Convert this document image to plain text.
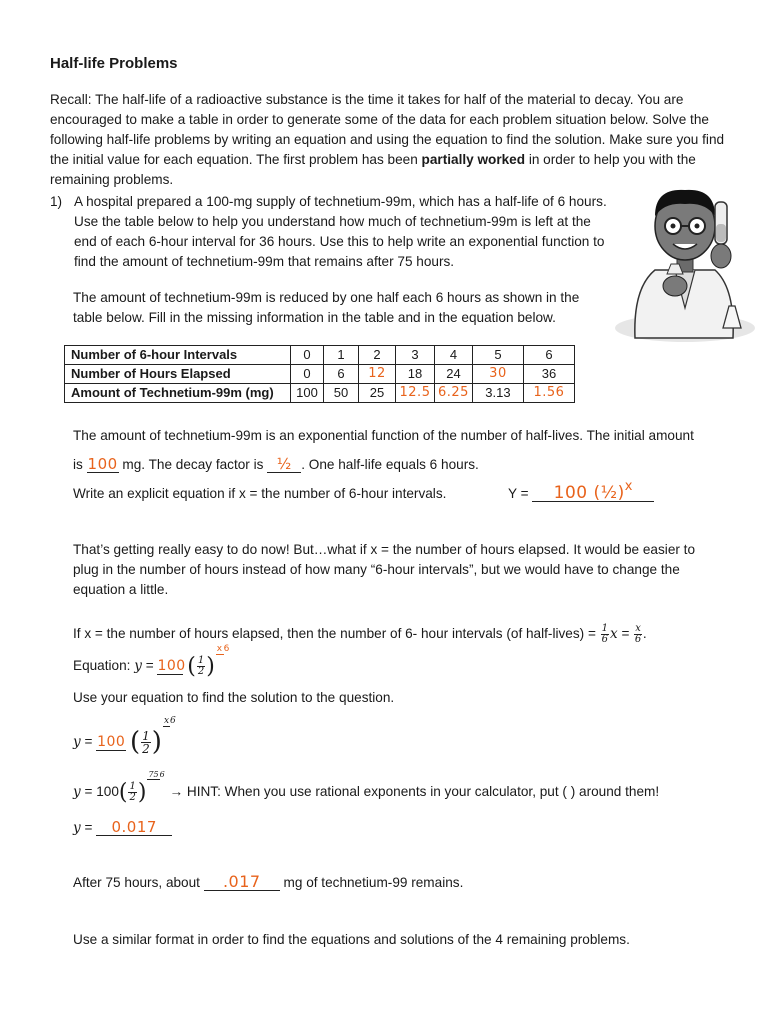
Half-life Problems
Recall: The half-life of a radioactive substance is the time it takes for half of the material to decay. You are encouraged to make a table in order to generate some of the data for each problem situation below. Solve the following half-life problems by writing an equation and using the equation to find the solution. Make sure you find the initial value for each equation. The first problem has been partially worked in order to help you with the remaining problems.
1) A hospital prepared a 100-mg supply of technetium-99m, which has a half-life of 6 hours. Use the table below to help you understand how much of technetium-99m is left at the end of each 6-hour interval for 36 hours. Use this to help write an exponential function to find the amount of technetium-99m that remains after 75 hours.
The amount of technetium-99m is reduced by one half each 6 hours as shown in the table below. Fill in the missing information in the table and in the equation below.
Number of 6-hour Intervals	0	1	2	3	4	5	6
Number of Hours Elapsed	0	6	12	18	24	30	36
Amount of Technetium-99m (mg)	100	50	25	12.5	6.25	3.13	1.56
The amount of technetium-99m is an exponential function of the number of half-lives. The initial amount
is 100 mg. The decay factor is ½ . One half-life equals 6 hours.
Write an explicit equation if x = the number of 6-hour intervals.	Y = 100 (½)x
That’s getting really easy to do now! But…what if x = the number of hours elapsed. It would be easier to plug in the number of hours instead of how many “6-hour intervals”, but we would have to change the equation a little.
If x = the number of hours elapsed, then the number of 6- hour intervals (of half-lives) = $\frac{1}{6}$ $x = \frac{x}{6}$ .
Equation: y = 100 ( $\frac{1}{2} )x6$
Use your equation to find the solution to the question.
y = 100 ( $\frac{1}{2} )x6$
$y = 100( \frac{1}{2} )756$ → HINT: When you use rational exponents in your calculator, put ( ) around them!
y = 0.017
After 75 hours, about .017 mg of technetium-99 remains.
Use a similar format in order to find the equations and solutions of the 4 remaining problems.
